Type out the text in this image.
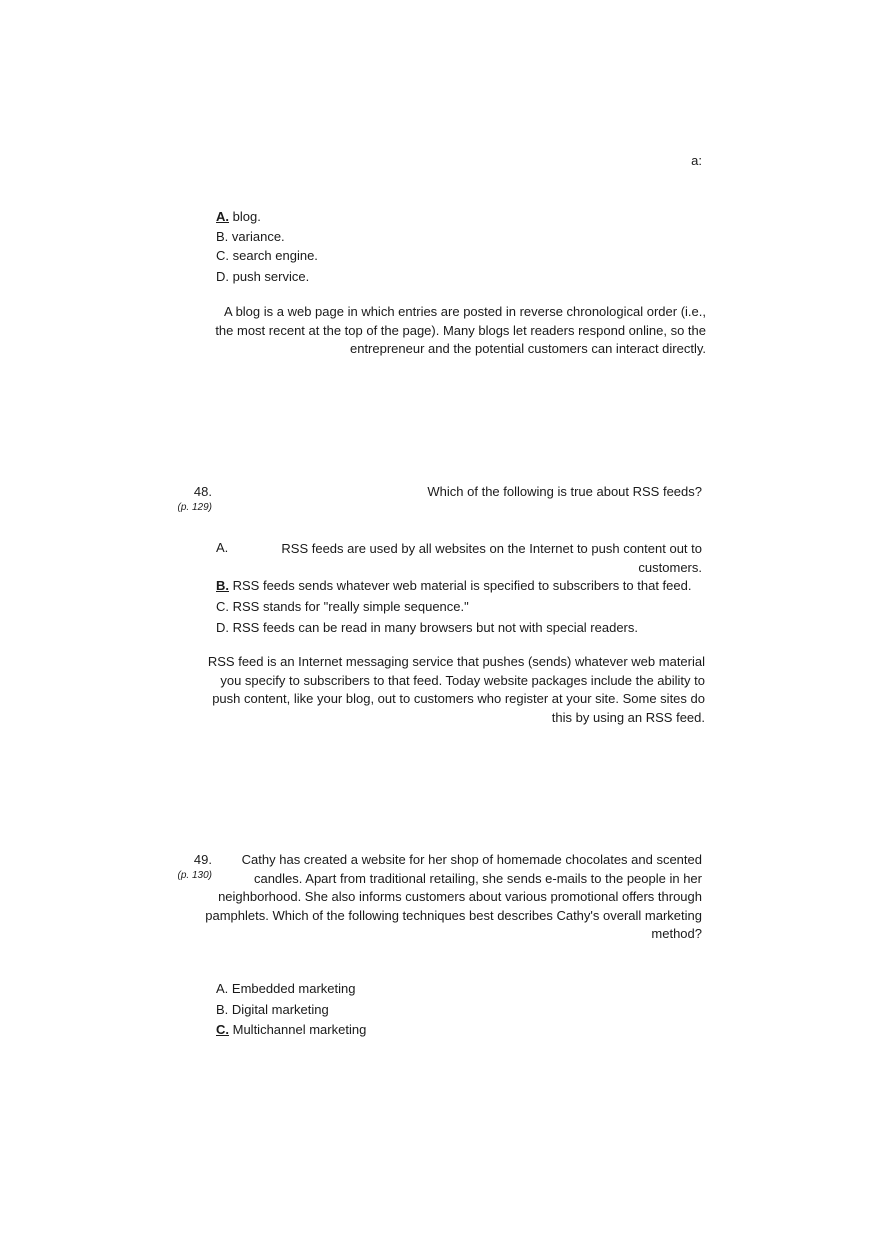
a:
A. blog.
B. variance.
C. search engine.
D. push service.
A blog is a web page in which entries are posted in reverse chronological order (i.e.,
the most recent at the top of the page). Many blogs let readers respond online, so the
entrepreneur and the potential customers can interact directly.
48.
(p. 129)
Which of the following is true about RSS feeds?
A.	RSS feeds are used by all websites on the Internet to push content out to
customers.
B. RSS feeds sends whatever web material is specified to subscribers to that feed.
C. RSS stands for "really simple sequence."
D. RSS feeds can be read in many browsers but not with special readers.
RSS feed is an Internet messaging service that pushes (sends) whatever web material
you specify to subscribers to that feed. Today website packages include the ability to
push content, like your blog, out to customers who register at your site. Some sites do
this by using an RSS feed.
49.
(p. 130)
Cathy has created a website for her shop of homemade chocolates and scented
candles. Apart from traditional retailing, she sends e-mails to the people in her
neighborhood. She also informs customers about various promotional offers through
pamphlets. Which of the following techniques best describes Cathy's overall marketing
method?
A. Embedded marketing
B. Digital marketing
C. Multichannel marketing
